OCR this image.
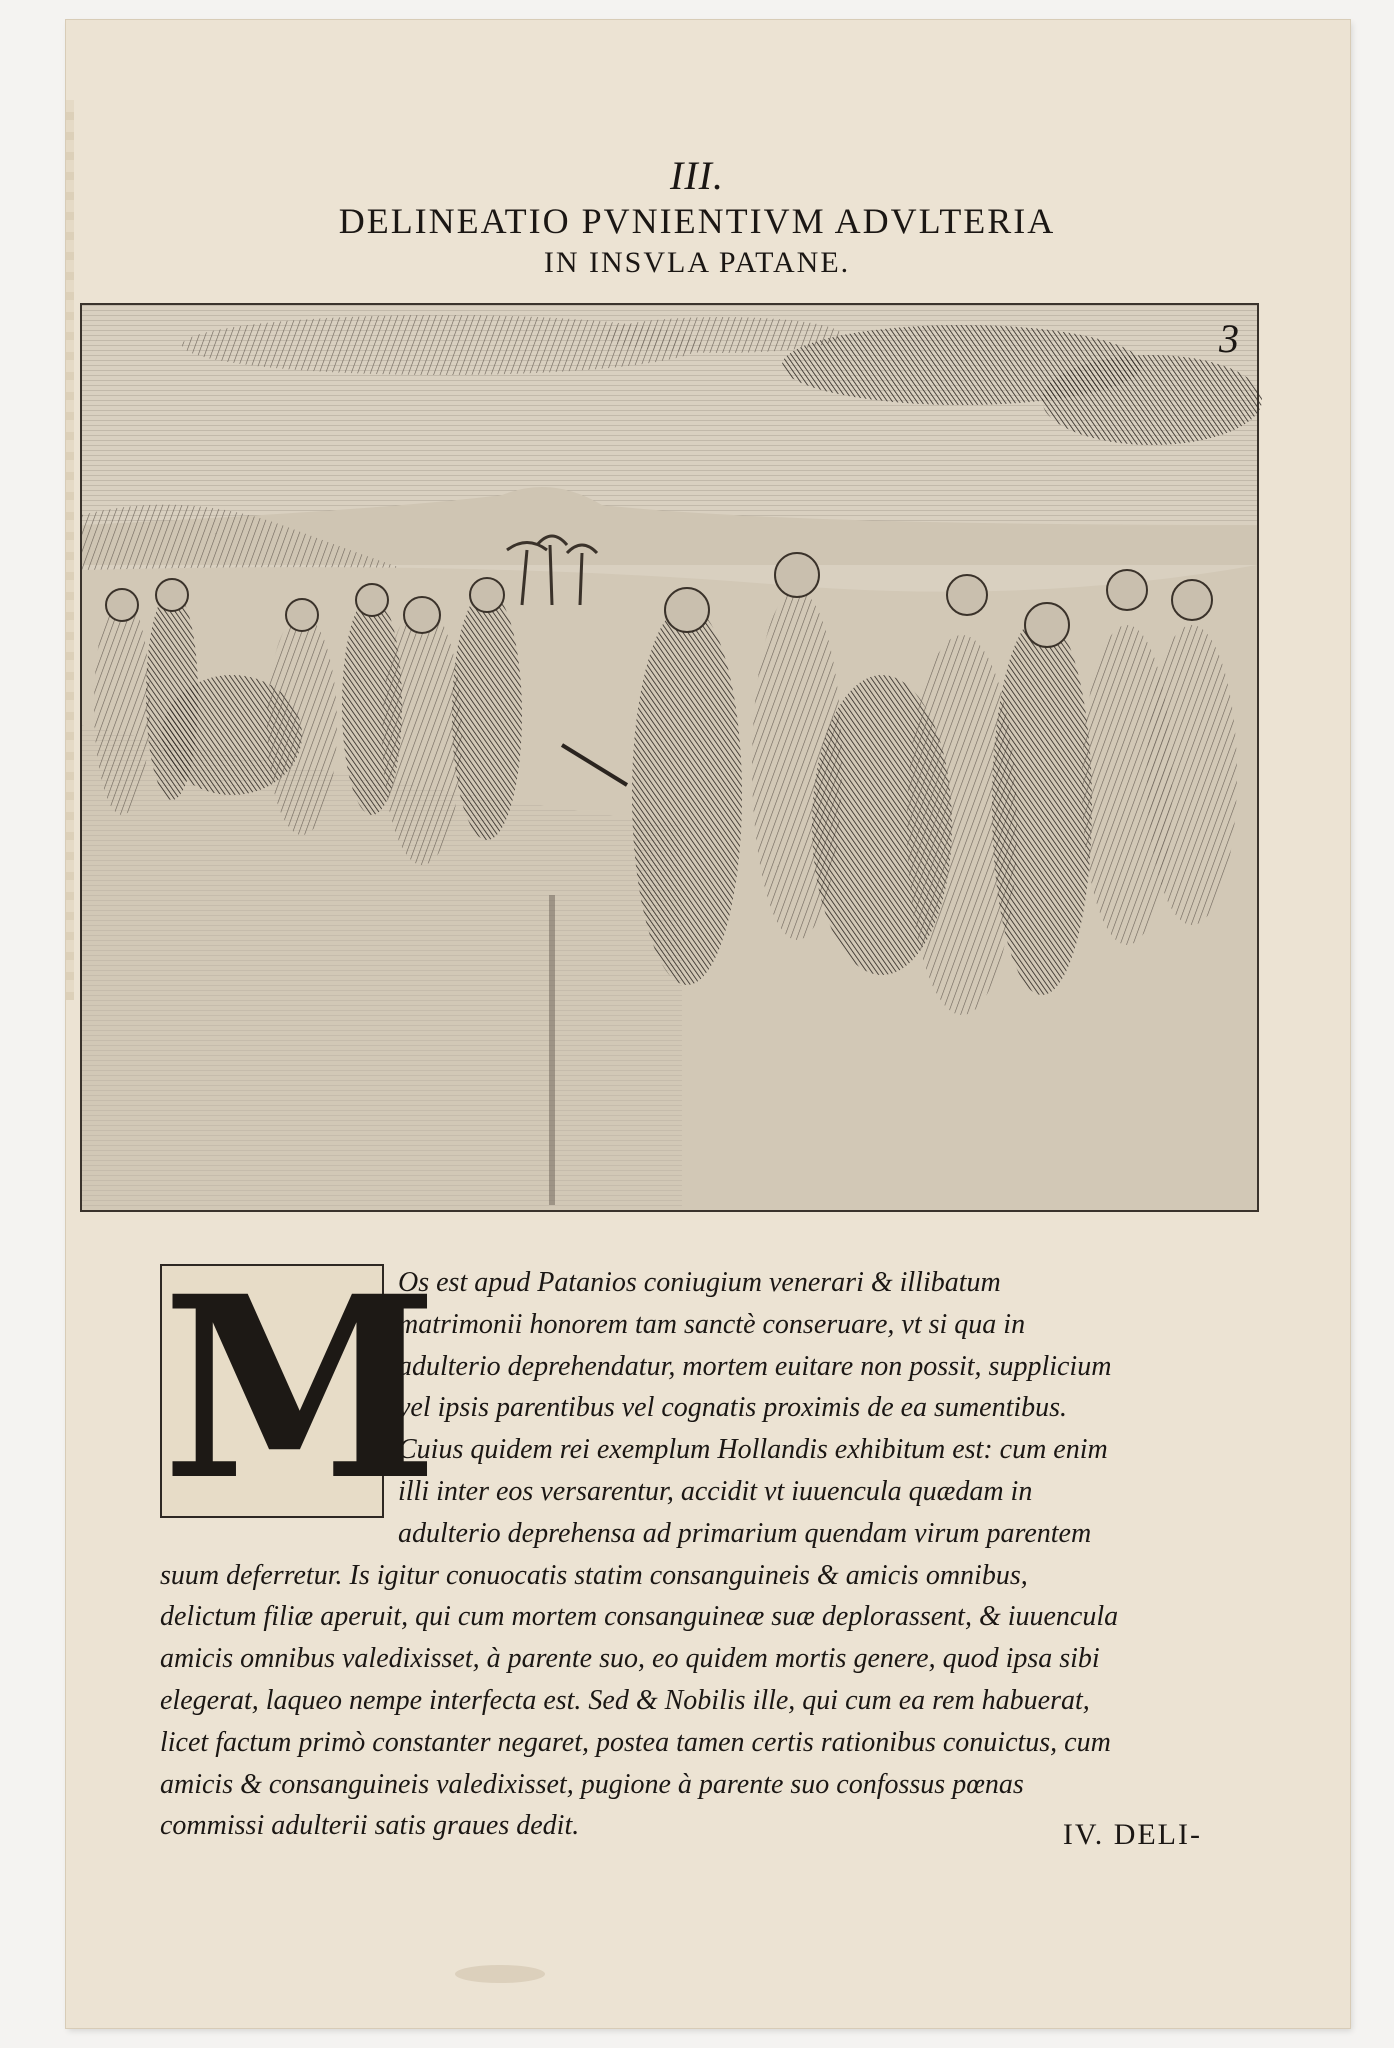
III.
DELINEATIO PVNIENTIVM ADVLTERIA
IN INSVLA PATANE.
3
M
Os est apud Patanios coniugium venerari & illibatum matrimonii honorem tam sanctè conseruare, vt si qua in adulterio deprehendatur, mortem euitare non possit, supplicium vel ipsis parentibus vel cognatis proximis de ea sumentibus. Cuius quidem rei exemplum Hollandis exhibitum est: cum enim illi inter eos versarentur, accidit vt iuuencula quædam in adulterio deprehensa ad primarium quendam virum parentem suum deferretur. Is igitur conuocatis statim consanguineis & amicis omnibus, delictum filiæ aperuit, qui cum mortem consanguineæ suæ deplorassent, & iuuencula amicis omnibus valedixisset, à parente suo, eo quidem mortis genere, quod ipsa sibi elegerat, laqueo nempe interfecta est. Sed & Nobilis ille, qui cum ea rem habuerat, licet factum primò constanter negaret, postea tamen certis rationibus conuictus, cum amicis & consanguineis valedixisset, pugione à parente suo confossus pœnas commissi adulterii satis graues dedit.	IV. DELI-
